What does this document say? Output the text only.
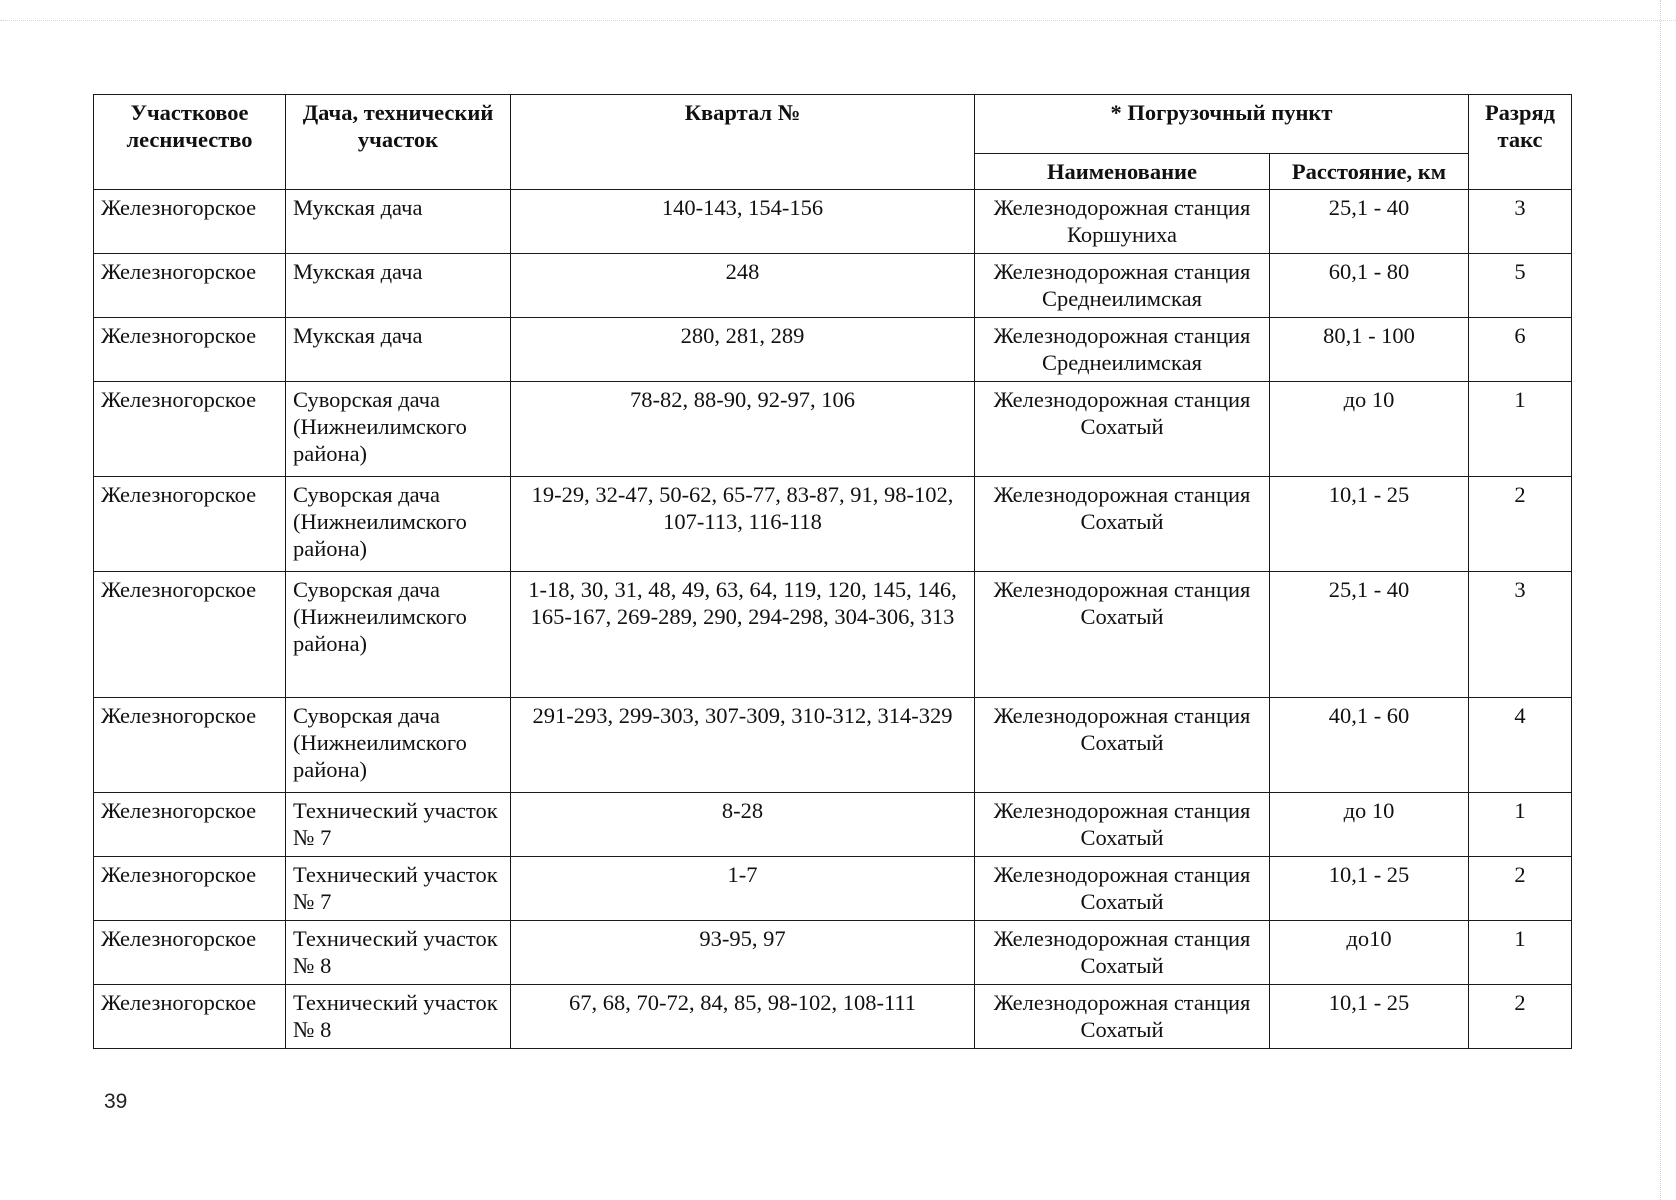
Участковое лесничество	Дача, технический участок	Квартал №	* Погрузочный пункт		Разряд такс
			Наименование	Расстояние, км	
Железногорское	Мукская дача	140-143, 154-156	Железнодорожная станция Коршуниха	25,1 - 40	3
Железногорское	Мукская дача	248	Железнодорожная станция Среднеилимская	60,1 - 80	5
Железногорское	Мукская дача	280, 281, 289	Железнодорожная станция Среднеилимская	80,1 - 100	6
Железногорское	Суворская дача (Нижнеилимского района)	78-82, 88-90, 92-97, 106	Железнодорожная станция Сохатый	до 10	1
Железногорское	Суворская дача (Нижнеилимского района)	19-29, 32-47, 50-62, 65-77, 83-87, 91, 98-102, 107-113, 116-118	Железнодорожная станция Сохатый	10,1 - 25	2
Железногорское	Суворская дача (Нижнеилимского района)	1-18, 30, 31, 48, 49, 63, 64, 119, 120, 145, 146, 165-167, 269-289, 290, 294-298, 304-306, 313	Железнодорожная станция Сохатый	25,1 - 40	3
Железногорское	Суворская дача (Нижнеилимского района)	291-293, 299-303, 307-309, 310-312, 314-329	Железнодорожная станция Сохатый	40,1 - 60	4
Железногорское	Технический участок № 7	8-28	Железнодорожная станция Сохатый	до 10	1
Железногорское	Технический участок № 7	1-7	Железнодорожная станция Сохатый	10,1 - 25	2
Железногорское	Технический участок № 8	93-95, 97	Железнодорожная станция Сохатый	до10	1
Железногорское	Технический участок № 8	67, 68, 70-72, 84, 85, 98-102, 108-111	Железнодорожная станция Сохатый	10,1 - 25	2
39
